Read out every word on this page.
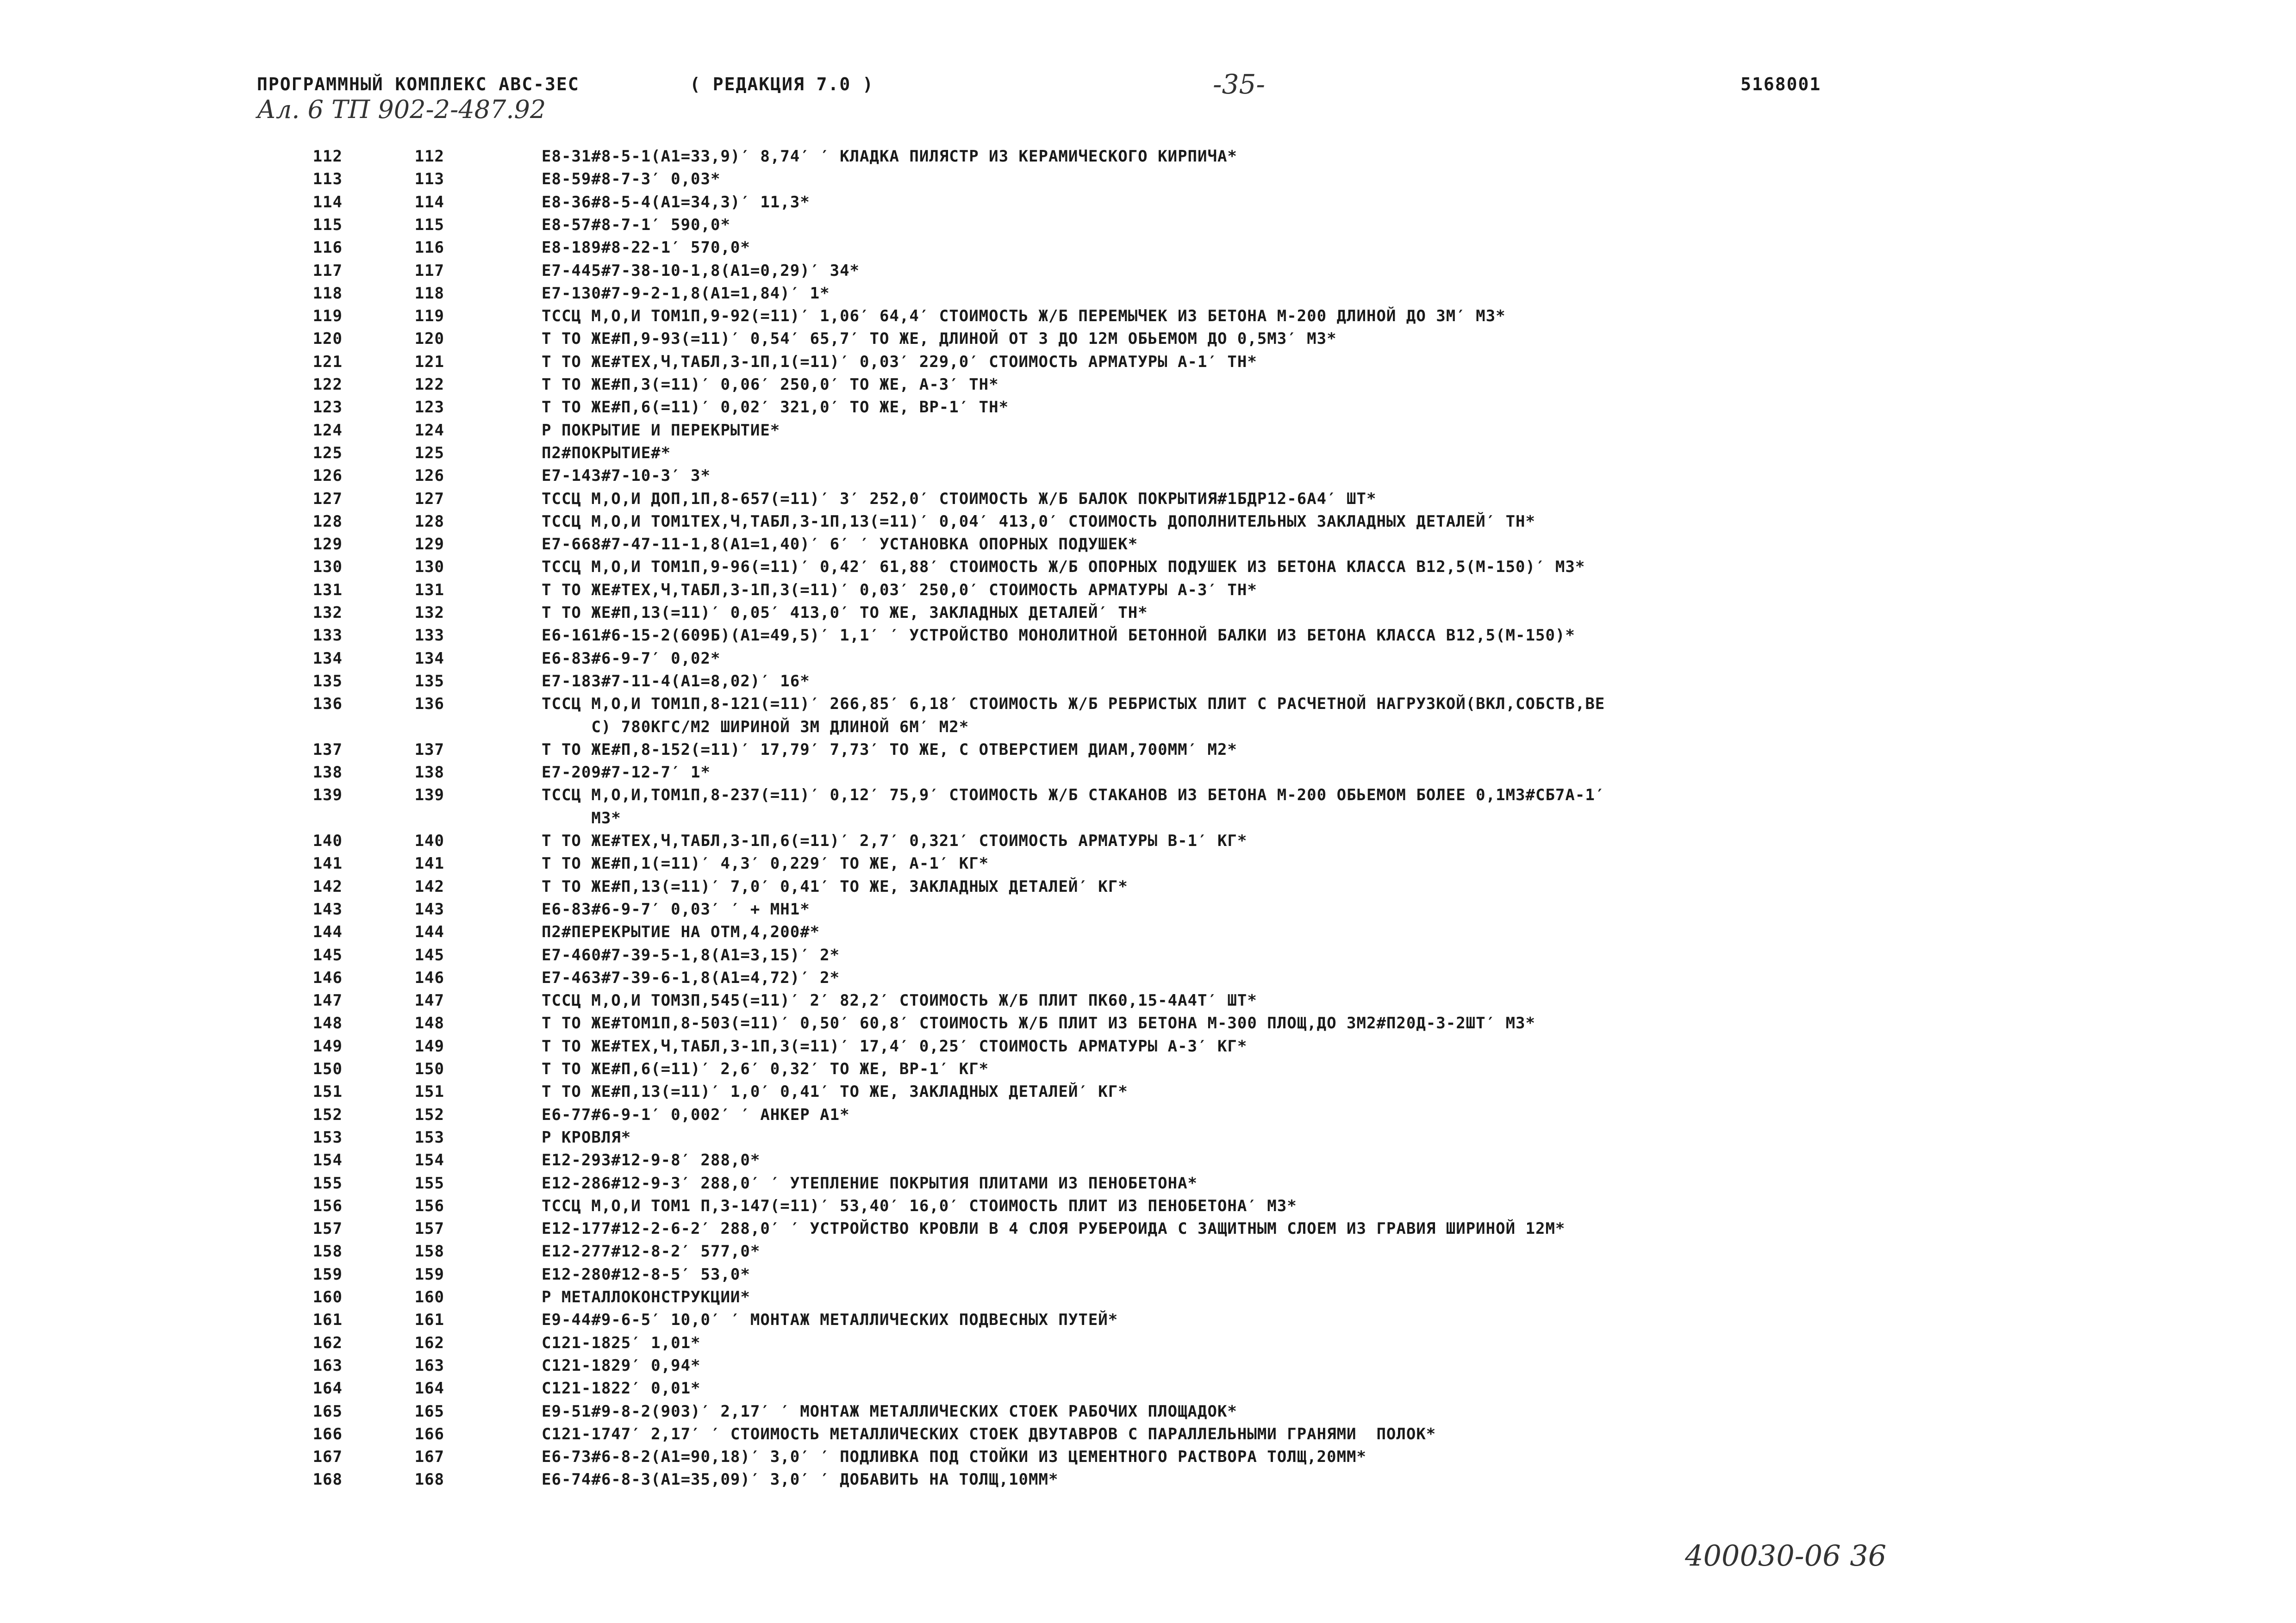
ПРОГРАММНЫЙ КОМПЛЕКС АВС-ЗЕС	( РЕДАКЦИЯ 7.0 )	-35-	5168001
Ал. 6 ТП 902-2-487.92
112	112	Е8-31#8-5-1(А1=33,9)′ 8,74′ ′ КЛАДКА ПИЛЯСТР ИЗ КЕРАМИЧЕСКОГО КИРПИЧА*
113	113	Е8-59#8-7-3′ 0,03*
114	114	Е8-36#8-5-4(А1=34,3)′ 11,3*
115	115	Е8-57#8-7-1′ 590,0*
116	116	Е8-189#8-22-1′ 570,0*
117	117	Е7-445#7-38-10-1,8(А1=0,29)′ 34*
118	118	Е7-130#7-9-2-1,8(А1=1,84)′ 1*
119	119	ТССЦ М,О,И ТОМ1П,9-92(=11)′ 1,06′ 64,4′ СТОИМОСТЬ Ж/Б ПЕРЕМЫЧЕК ИЗ БЕТОНА М-200 ДЛИНОЙ ДО 3М′ М3*
120	120	Т ТО ЖЕ#П,9-93(=11)′ 0,54′ 65,7′ ТО ЖЕ, ДЛИНОЙ ОТ 3 ДО 12М ОБЬЕМОМ ДО 0,5М3′ М3*
121	121	Т ТО ЖЕ#ТЕХ,Ч,ТАБЛ,3-1П,1(=11)′ 0,03′ 229,0′ СТОИМОСТЬ АРМАТУРЫ А-1′ ТН*
122	122	Т ТО ЖЕ#П,3(=11)′ 0,06′ 250,0′ ТО ЖЕ, А-3′ ТН*
123	123	Т ТО ЖЕ#П,6(=11)′ 0,02′ 321,0′ ТО ЖЕ, ВР-1′ ТН*
124	124	Р ПОКРЫТИЕ И ПЕРЕКРЫТИЕ*
125	125	П2#ПОКРЫТИЕ#*
126	126	Е7-143#7-10-3′ 3*
127	127	ТССЦ М,О,И ДОП,1П,8-657(=11)′ 3′ 252,0′ СТОИМОСТЬ Ж/Б БАЛОК ПОКРЫТИЯ#1БДР12-6А4′ ШТ*
128	128	ТССЦ М,О,И ТОМ1ТЕХ,Ч,ТАБЛ,3-1П,13(=11)′ 0,04′ 413,0′ СТОИМОСТЬ ДОПОЛНИТЕЛЬНЫХ ЗАКЛАДНЫХ ДЕТАЛЕЙ′ ТН*
129	129	Е7-668#7-47-11-1,8(А1=1,40)′ 6′ ′ УСТАНОВКА ОПОРНЫХ ПОДУШЕК*
130	130	ТССЦ М,О,И ТОМ1П,9-96(=11)′ 0,42′ 61,88′ СТОИМОСТЬ Ж/Б ОПОРНЫХ ПОДУШЕК ИЗ БЕТОНА КЛАССА В12,5(М-150)′ М3*
131	131	Т ТО ЖЕ#ТЕХ,Ч,ТАБЛ,3-1П,3(=11)′ 0,03′ 250,0′ СТОИМОСТЬ АРМАТУРЫ А-3′ ТН*
132	132	Т ТО ЖЕ#П,13(=11)′ 0,05′ 413,0′ ТО ЖЕ, ЗАКЛАДНЫХ ДЕТАЛЕЙ′ ТН*
133	133	Е6-161#6-15-2(609Б)(А1=49,5)′ 1,1′ ′ УСТРОЙСТВО МОНОЛИТНОЙ БЕТОННОЙ БАЛКИ ИЗ БЕТОНА КЛАССА В12,5(М-150)*
134	134	Е6-83#6-9-7′ 0,02*
135	135	Е7-183#7-11-4(А1=8,02)′ 16*
136	136	ТССЦ М,О,И ТОМ1П,8-121(=11)′ 266,85′ 6,18′ СТОИМОСТЬ Ж/Б РЕБРИСТЫХ ПЛИТ С РАСЧЕТНОЙ НАГРУЗКОЙ(ВКЛ,СОБСТВ,ВЕ
С) 780КГС/М2 ШИРИНОЙ 3М ДЛИНОЙ 6М′ М2*
137	137	Т ТО ЖЕ#П,8-152(=11)′ 17,79′ 7,73′ ТО ЖЕ, С ОТВЕРСТИЕМ ДИАМ,700ММ′ М2*
138	138	Е7-209#7-12-7′ 1*
139	139	ТССЦ М,О,И,ТОМ1П,8-237(=11)′ 0,12′ 75,9′ СТОИМОСТЬ Ж/Б СТАКАНОВ ИЗ БЕТОНА М-200 ОБЬЕМОМ БОЛЕЕ 0,1М3#СБ7А-1′
М3*
140	140	Т ТО ЖЕ#ТЕХ,Ч,ТАБЛ,3-1П,6(=11)′ 2,7′ 0,321′ СТОИМОСТЬ АРМАТУРЫ В-1′ КГ*
141	141	Т ТО ЖЕ#П,1(=11)′ 4,3′ 0,229′ ТО ЖЕ, А-1′ КГ*
142	142	Т ТО ЖЕ#П,13(=11)′ 7,0′ 0,41′ ТО ЖЕ, ЗАКЛАДНЫХ ДЕТАЛЕЙ′ КГ*
143	143	Е6-83#6-9-7′ 0,03′ ′ + МН1*
144	144	П2#ПЕРЕКРЫТИЕ НА ОТМ,4,200#*
145	145	Е7-460#7-39-5-1,8(А1=3,15)′ 2*
146	146	Е7-463#7-39-6-1,8(А1=4,72)′ 2*
147	147	ТССЦ М,О,И ТОМ3П,545(=11)′ 2′ 82,2′ СТОИМОСТЬ Ж/Б ПЛИТ ПК60,15-4А4Т′ ШТ*
148	148	Т ТО ЖЕ#ТОМ1П,8-503(=11)′ 0,50′ 60,8′ СТОИМОСТЬ Ж/Б ПЛИТ ИЗ БЕТОНА М-300 ПЛОЩ,ДО 3М2#П20Д-3-2ШТ′ М3*
149	149	Т ТО ЖЕ#ТЕХ,Ч,ТАБЛ,3-1П,3(=11)′ 17,4′ 0,25′ СТОИМОСТЬ АРМАТУРЫ А-3′ КГ*
150	150	Т ТО ЖЕ#П,6(=11)′ 2,6′ 0,32′ ТО ЖЕ, ВР-1′ КГ*
151	151	Т ТО ЖЕ#П,13(=11)′ 1,0′ 0,41′ ТО ЖЕ, ЗАКЛАДНЫХ ДЕТАЛЕЙ′ КГ*
152	152	Е6-77#6-9-1′ 0,002′ ′ АНКЕР А1*
153	153	Р КРОВЛЯ*
154	154	Е12-293#12-9-8′ 288,0*
155	155	Е12-286#12-9-3′ 288,0′ ′ УТЕПЛЕНИЕ ПОКРЫТИЯ ПЛИТАМИ ИЗ ПЕНОБЕТОНА*
156	156	ТССЦ М,О,И ТОМ1 П,3-147(=11)′ 53,40′ 16,0′ СТОИМОСТЬ ПЛИТ ИЗ ПЕНОБЕТОНА′ М3*
157	157	Е12-177#12-2-6-2′ 288,0′ ′ УСТРОЙСТВО КРОВЛИ В 4 СЛОЯ РУБЕРОИДА С ЗАЩИТНЫМ СЛОЕМ ИЗ ГРАВИЯ ШИРИНОЙ 12М*
158	158	Е12-277#12-8-2′ 577,0*
159	159	Е12-280#12-8-5′ 53,0*
160	160	Р МЕТАЛЛОКОНСТРУКЦИИ*
161	161	Е9-44#9-6-5′ 10,0′ ′ МОНТАЖ МЕТАЛЛИЧЕСКИХ ПОДВЕСНЫХ ПУТЕЙ*
162	162	С121-1825′ 1,01*
163	163	С121-1829′ 0,94*
164	164	С121-1822′ 0,01*
165	165	Е9-51#9-8-2(903)′ 2,17′ ′ МОНТАЖ МЕТАЛЛИЧЕСКИХ СТОЕК РАБОЧИХ ПЛОЩАДОК*
166	166	С121-1747′ 2,17′ ′ СТОИМОСТЬ МЕТАЛЛИЧЕСКИХ СТОЕК ДВУТАВРОВ С ПАРАЛЛЕЛЬНЫМИ ГРАНЯМИ  ПОЛОК*
167	167	Е6-73#6-8-2(А1=90,18)′ 3,0′ ′ ПОДЛИВКА ПОД СТОЙКИ ИЗ ЦЕМЕНТНОГО РАСТВОРА ТОЛЩ,20ММ*
168	168	Е6-74#6-8-3(А1=35,09)′ 3,0′ ′ ДОБАВИТЬ НА ТОЛЩ,10ММ*
400030-06 36
